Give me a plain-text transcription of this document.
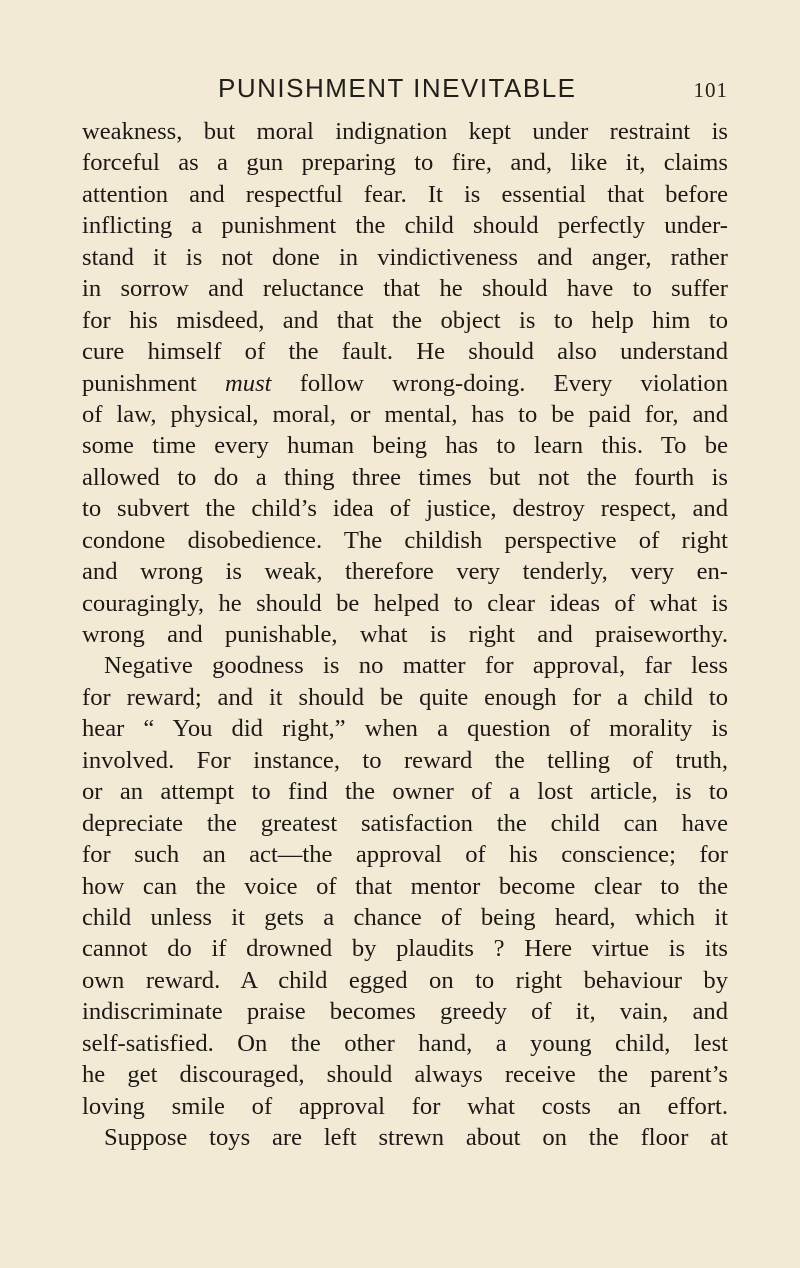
PUNISHMENT INEVITABLE	101
weakness, but moral indignation kept under restraint is
forceful as a gun preparing to fire, and, like it, claims
attention and respectful fear. It is essential that before
inflicting a punishment the child should perfectly under-
stand it is not done in vindictiveness and anger, rather
in sorrow and reluctance that he should have to suffer
for his misdeed, and that the object is to help him to
cure himself of the fault. He should also understand
punishment must follow wrong-doing. Every violation
of law, physical, moral, or mental, has to be paid for, and
some time every human being has to learn this. To be
allowed to do a thing three times but not the fourth is
to subvert the child’s idea of justice, destroy respect, and
condone disobedience. The childish perspective of right
and wrong is weak, therefore very tenderly, very en-
couragingly, he should be helped to clear ideas of what is
wrong and punishable, what is right and praiseworthy.
Negative goodness is no matter for approval, far less
for reward; and it should be quite enough for a child to
hear “ You did right,” when a question of morality is
involved. For instance, to reward the telling of truth,
or an attempt to find the owner of a lost article, is to
depreciate the greatest satisfaction the child can have
for such an act—the approval of his conscience; for
how can the voice of that mentor become clear to the
child unless it gets a chance of being heard, which it
cannot do if drowned by plaudits ? Here virtue is its
own reward. A child egged on to right behaviour by
indiscriminate praise becomes greedy of it, vain, and
self-satisfied. On the other hand, a young child, lest
he get discouraged, should always receive the parent’s
loving smile of approval for what costs an effort.
Suppose toys are left strewn about on the floor at
